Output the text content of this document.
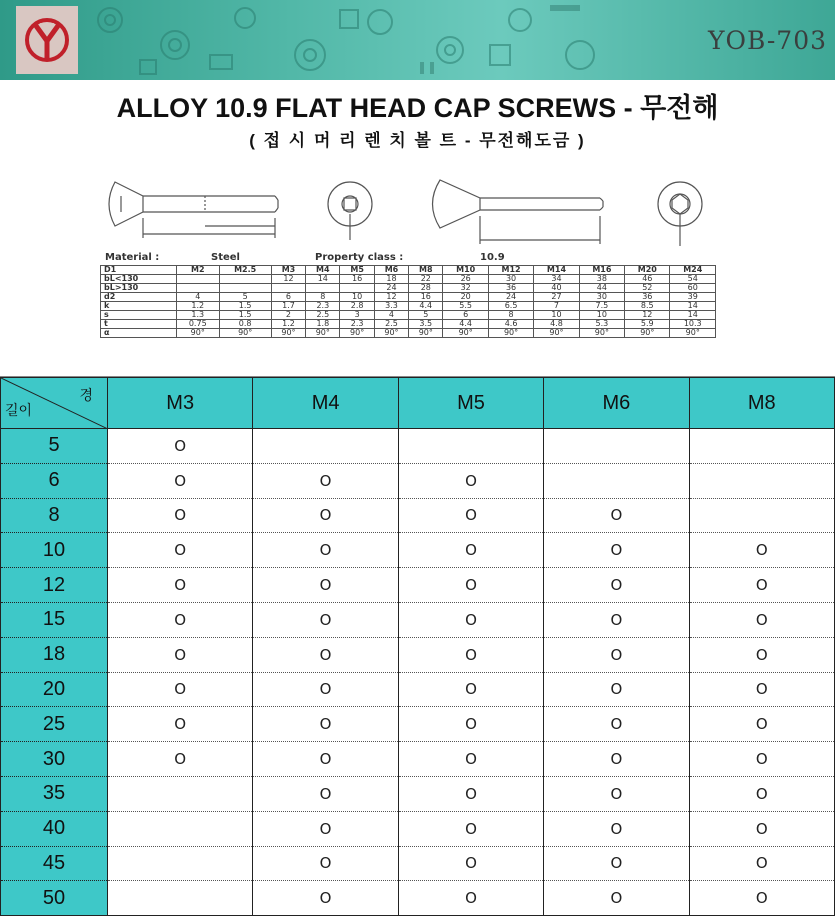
YOB-703
ALLOY 10.9 FLAT HEAD CAP SCREWS - 무전해
( 접 시 머 리 렌 치 볼 트 - 무전해도금 )
Material :	Steel	Property class :	10.9
D1	M2	M2.5	M3	M4	M5	M6	M8	M10	M12	M14	M16	M20	M24
bL<130			12	14	16	18	22	26	30	34	38	46	54
bL>130						24	28	32	36	40	44	52	60
d2	4	5	6	8	10	12	16	20	24	27	30	36	39
k	1.2	1.5	1.7	2.3	2.8	3.3	4.4	5.5	6.5	7	7.5	8.5	14
s	1.3	1.5	2	2.5	3	4	5	6	8	10	10	12	14
t	0.75	0.8	1.2	1.8	2.3	2.5	3.5	4.4	4.6	4.8	5.3	5.9	10.3
α	90°	90°	90°	90°	90°	90°	90°	90°	90°	90°	90°	90°	90°
경
길이	M3	M4	M5	M6	M8
5	O				
6	O	O	O		
8	O	O	O	O	
10	O	O	O	O	O
12	O	O	O	O	O
15	O	O	O	O	O
18	O	O	O	O	O
20	O	O	O	O	O
25	O	O	O	O	O
30	O	O	O	O	O
35		O	O	O	O
40		O	O	O	O
45		O	O	O	O
50		O	O	O	O
